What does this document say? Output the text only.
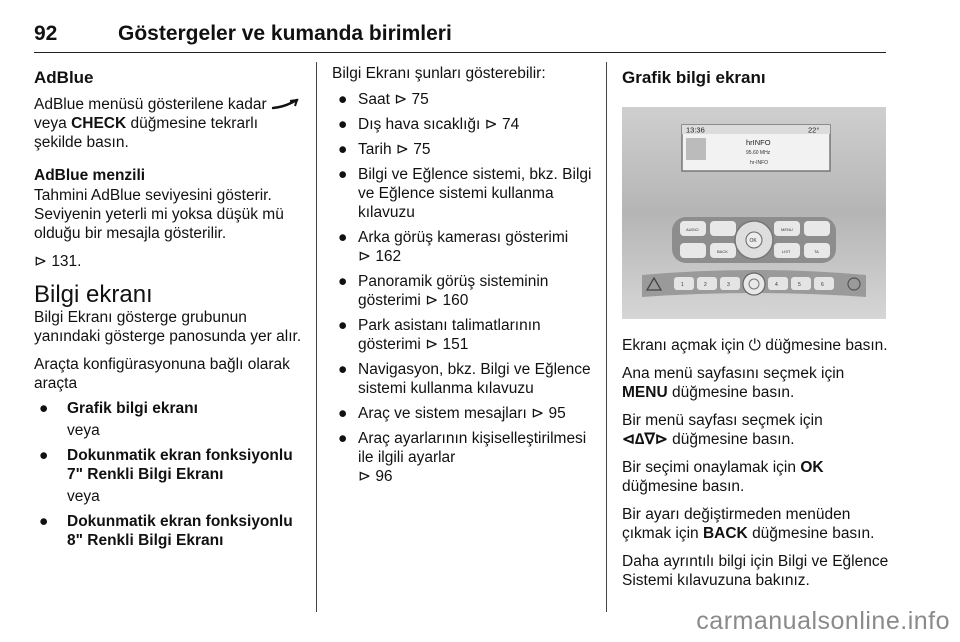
92	Göstergeler ve kumanda birimleri
AdBlue

AdBlue menüsü gösterilene kadar  veya CHECK düğmesine tekrarlı şekilde basın.

AdBlue menzili

Tahmini AdBlue seviyesini gösterir. Seviyenin yeterli mi yoksa düşük mü olduğu bir mesajla gösterilir.

⊳ 131.

Bilgi ekranı

Bilgi Ekranı gösterge grubunun yanındaki gösterge panosunda yer alır.

Araçta konfigürasyonuna bağlı olarak araçta

● Grafik bilgi ekranı
veya
● Dokunmatik ekran fonksiyonlu 7" Renkli Bilgi Ekranı
veya
● Dokunmatik ekran fonksiyonlu 8" Renkli Bilgi Ekranı

Bilgi Ekranı şunları gösterebilir:

● Saat ⊳ 75
● Dış hava sıcaklığı ⊳ 74
● Tarih ⊳ 75
● Bilgi ve Eğlence sistemi, bkz. Bilgi ve Eğlence sistemi kullanma kılavuzu
● Arka görüş kamerası gösterimi
⊳ 162
● Panoramik görüş sisteminin gösterimi ⊳ 160
● Park asistanı talimatlarının gösterimi ⊳ 151
● Navigasyon, bkz. Bilgi ve Eğlence sistemi kullanma kılavuzu
● Araç ve sistem mesajları ⊳ 95
● Araç ayarlarının kişiselleştirilmesi ile ilgili ayarlar
⊳ 96
Grafik bilgi ekranı
13:36	22°
hrINFO
95.60 MHz
hr-INFO
AUDIO	MENU
BACK	LIST	TA
OK
1	2	3	4	5	6

Ekranı açmak için ⏻ düğmesine basın.

Ana menü sayfasını seçmek için MENU düğmesine basın.

Bir menü sayfası seçmek için
⊲∆∇⊳ düğmesine basın.

Bir seçimi onaylamak için OK düğmesine basın.

Bir ayarı değiştirmeden menüden çıkmak için BACK düğmesine basın.

Daha ayrıntılı bilgi için Bilgi ve Eğlence Sistemi kılavuzuna bakınız.

carmanualsonline.info
